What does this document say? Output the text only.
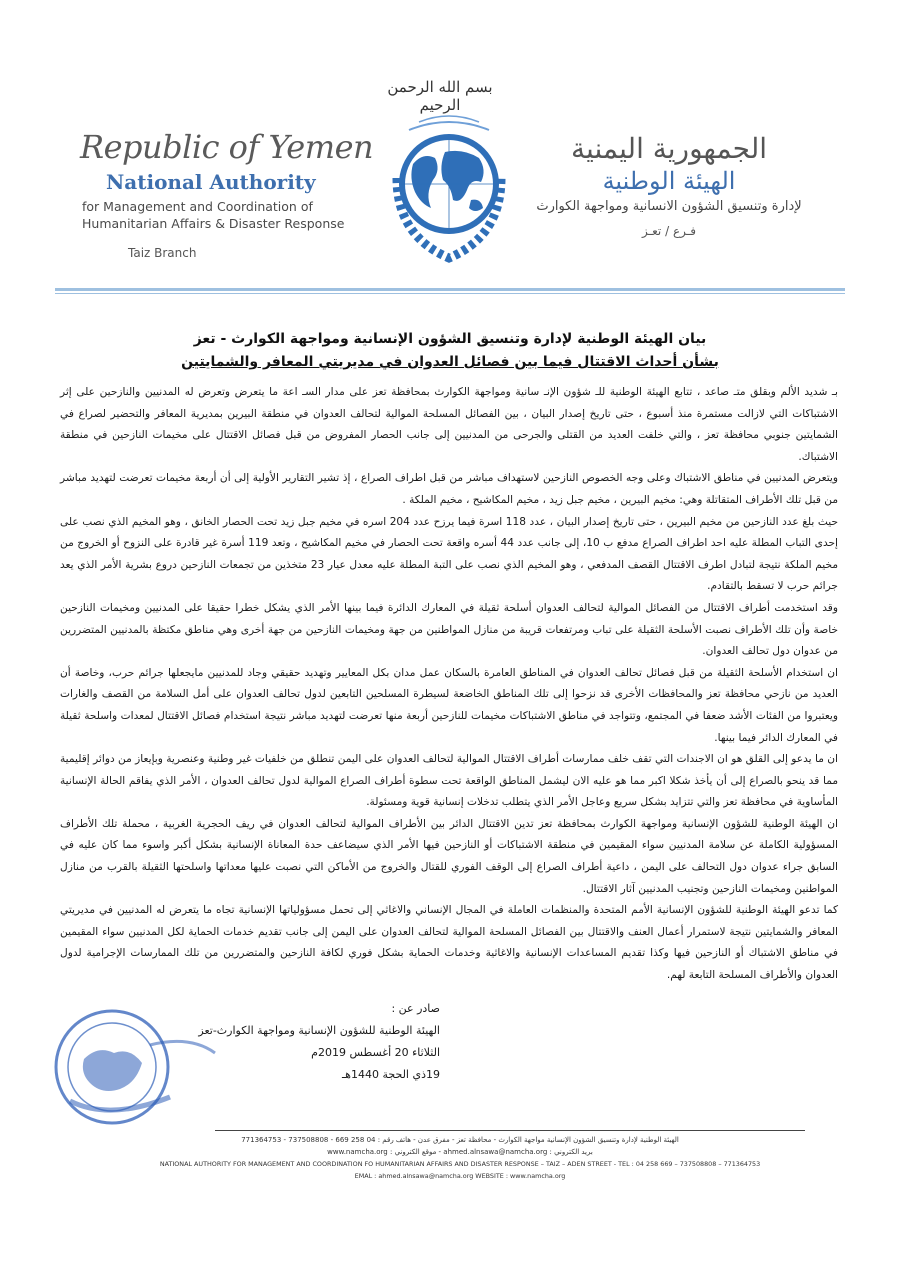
بسم الله الرحمن الرحيم
Republic of Yemen
National Authority
for Management and Coordination of
Humanitarian Affairs & Disaster Response
Taiz Branch
الجمهورية اليمنية
الهيئة الوطنية
لإدارة وتنسيق الشؤون الانسانية ومواجهة الكوارث
فـرع / تعـز
بيان الهيئة الوطنية لإدارة وتنسيق الشؤون الإنسانية ومواجهة الكوارث - تعز
بشأن أحداث الاقتتال فيما بين فصائل العدوان في مديريتي المعافر والشمايتين

بـ شديد الألم وبقلق متـ صاعد ، تتابع الهيئة الوطنية للـ شؤون الإنـ سانية ومواجهة الكوارث بمحافظة تعز على مدار السـ اعة ما يتعرض وتعرض له المدنيين والنازحين على إثر الاشتباكات التي لازالت مستمرة منذ أسبوع ، حتى تاريخ إصدار البيان ، بين الفصائل المسلحة الموالية لتحالف العدوان في منطقة البيرين بمديرية المعافر والتحضير لصراع في الشمايتين جنوبي محافظة تعز ، والتي خلفت العديد من القتلى والجرحى من المدنيين إلى جانب الحصار المفروض من قبل فصائل الاقتتال على مخيمات النازحين في منطقة الاشتباك.

ويتعرض المدنيين في مناطق الاشتباك وعلى وجه الخصوص النازحين لاستهداف مباشر من قبل اطراف الصراع ، إذ تشير التقارير الأولية إلى أن أربعة مخيمات تعرضت لتهديد مباشر من قبل تلك الأطراف المتقاتلة وهي: مخيم البيرين ، مخيم جبل زيد ، مخيم المكاشيح ، مخيم الملكة .

حيث بلغ عدد النازحين من مخيم البيرين ، حتى تاريخ إصدار البيان ، عدد 118 اسرة فيما يرزح عدد 204 اسره في مخيم جبل زيد تحت الحصار الخانق ، وهو المخيم الذي نصب على إحدى التباب المطلة عليه احد اطراف الصراع مدفع ب 10، إلى جانب عدد 44 أسره واقعة تحت الحصار في مخيم المكاشيح ، وتعد 119 أسرة غير قادرة على النزوح أو الخروج من مخيم الملكة نتيجة لتبادل اطرف الاقتتال القصف المدفعي ، وهو المخيم الذي نصب على التبة المطلة عليه معدل عيار 23 متخذين من تجمعات النازحين دروع بشرية الأمر الذي يعد جرائم حرب لا تسقط بالتقادم.

وقد استخدمت أطراف الاقتتال من الفصائل الموالية لتحالف العدوان أسلحة ثقيلة في المعارك الدائرة فيما بينها الأمر الذي يشكل خطرا حقيقا على المدنيين ومخيمات النازحين خاصة وأن تلك الأطراف نصبت الأسلحة الثقيلة على تباب ومرتفعات قريبة من منازل المواطنين من جهة ومخيمات النازحين من جهة أخرى وهي مناطق مكتظة بالمدنيين المتضررين من عدوان دول تحالف العدوان.

ان استخدام الأسلحة الثقيلة من قبل فصائل تحالف العدوان في المناطق العامرة بالسكان عمل مدان بكل المعايير وتهديد حقيقي وجاد للمدنيين مايجعلها جرائم حرب، وخاصة أن العديد من نازحي محافظة تعز والمحافظات الأخرى قد نزحوا إلى تلك المناطق الخاضعة لسيطرة المسلحين التابعين لدول تحالف العدوان على أمل السلامة من القصف والغارات ويعتبروا من الفئات الأشد ضعفا في المجتمع، وتتواجد في مناطق الاشتباكات مخيمات للنازحين أربعة منها تعرضت لتهديد مباشر نتيجة استخدام فصائل الاقتتال لمعدات واسلحة ثقيلة في المعارك الدائر فيما بينها.

ان ما يدعو إلى القلق هو ان الاجندات التي تقف خلف ممارسات أطراف الاقتتال الموالية لتحالف العدوان على اليمن تنطلق من خلفيات غير وطنية وعنصرية وبإيعاز من دوائر إقليمية مما قد ينحو بالصراع إلى أن يأخذ شكلا اكبر مما هو عليه الان ليشمل المناطق الواقعة تحت سطوة أطراف الصراع الموالية لدول تحالف العدوان ، الأمر الذي يفاقم الحالة الإنسانية المأساوية في محافظة تعز والتي تتزايد بشكل سريع وعاجل الأمر الذي يتطلب تدخلات إنسانية قوية ومسئولة.

ان الهيئة الوطنية للشؤون الإنسانية ومواجهة الكوارث بمحافظة تعز تدين الاقتتال الدائر بين الأطراف الموالية لتحالف العدوان في ريف الحجرية الغربية ، محملة تلك الأطراف المسؤولية الكاملة عن سلامة المدنيين سواء المقيمين في منطقة الاشتباكات أو النازحين فيها الأمر الذي سيضاعف حدة المعاناة الإنسانية بشكل أكبر واسوء مما كان عليه في السابق جراء عدوان دول التحالف على اليمن ، داعية أطراف الصراع إلى الوقف الفوري للقتال والخروج من الأماكن التي نصبت عليها معداتها واسلحتها الثقيلة بالقرب من منازل المواطنين ومخيمات النازحين وتجنيب المدنيين آثار الاقتتال.

كما تدعو الهيئة الوطنية للشؤون الإنسانية الأمم المتحدة والمنظمات العاملة في المجال الإنساني والاغاثي إلى تحمل مسؤولياتها الإنسانية تجاه ما يتعرض له المدنيين في مديريتي المعافر والشمايتين نتيجة لاستمرار أعمال العنف والاقتتال بين الفصائل المسلحة الموالية لتحالف العدوان على اليمن إلى جانب تقديم خدمات الحماية لكل المدنيين سواء المقيمين في مناطق الاشتباك أو النازحين فيها وكذا تقديم المساعدات الإنسانية والاغاثية وخدمات الحماية بشكل فوري لكافة النازحين والمتضررين من تلك الممارسات الإجرامية لدول العدوان والأطراف المسلحة التابعة لهم.

صادر عن :
الهيئة الوطنية للشؤون الإنسانية ومواجهة الكوارث-تعز
الثلاثاء 20 أغسطس 2019م
19ذي الحجة 1440هـ
الهيئة الوطنية لإدارة وتنسيق الشؤون الإنسانية مواجهة الكوارث - محافظة تعز - مفرق عدن - هاتف رقم : 04 258 669 - 737508808 - 771364753
بريد الكتروني : ahmed.alnsawa@namcha.org - موقع الكتروني : www.namcha.org
NATIONAL AUTHORITY FOR MANAGEMENT AND COORDINATION FO HUMANITARIAN AFFAIRS AND DISASTER RESPONSE – TAIZ – ADEN STREET - TEL : 04 258 669 – 737508808 – 771364753
EMAL : ahmed.alnsawa@namcha.org WEBSITE : www.namcha.org
